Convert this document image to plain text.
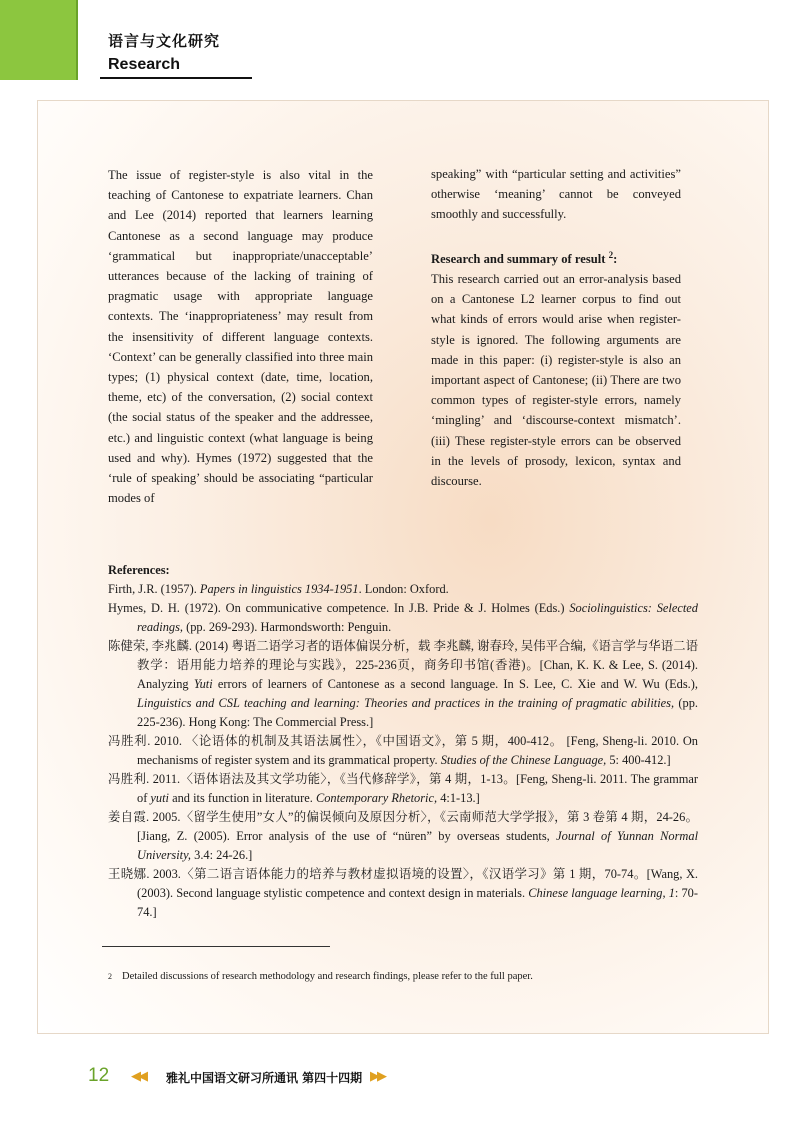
语言与文化研究
Research

The issue of register-style is also vital in the teaching of Cantonese to expatriate learners. Chan and Lee (2014) reported that learners learning Cantonese as a second language may produce ‘grammatical but inappropriate/unacceptable’ utterances because of the lacking of training of pragmatic usage with appropriate language contexts. The ‘inappropriateness’ may result from the insensitivity of different language contexts. ‘Context’ can be generally classified into three main types; (1) physical context (date, time, location, theme, etc) of the conversation, (2) social context (the social status of the speaker and the addressee, etc.) and linguistic context (what language is being used and why). Hymes (1972) suggested that the ‘rule of speaking’ should be associating “particular modes of

speaking” with “particular setting and activities” otherwise ‘meaning’ cannot be conveyed smoothly and successfully.

Research and summary of result $^2$:

This research carried out an error-analysis based on a Cantonese L2 learner corpus to find out what kinds of errors would arise when register-style is ignored. The following arguments are made in this paper: (i) register-style is also an important aspect of Cantonese; (ii) There are two common types of register-style errors, namely ‘mingling’ and ‘discourse-context mismatch’. (iii) These register-style errors can be observed in the levels of prosody, lexicon, syntax and discourse.

References:

Firth, J.R. (1957). Papers in linguistics 1934-1951. London: Oxford.

Hymes, D. H. (1972). On communicative competence. In J.B. Pride & J. Holmes (Eds.) Sociolinguistics: Selected readings, (pp. 269-293). Harmondsworth: Penguin.

陈健荣, 李兆麟. (2014) 粤语二语学习者的语体偏误分析，载 李兆麟, 谢春玲, 吴伟平合编,《语言学与华语二语教学：语用能力培养的理论与实践》，225-236页，商务印书馆(香港)。[Chan, K. K. & Lee, S. (2014). Analyzing Yuti errors of learners of Cantonese as a second language. In S. Lee, C. Xie and W. Wu (Eds.), Linguistics and CSL teaching and learning: Theories and practices in the training of pragmatic abilities, (pp. 225-236). Hong Kong: The Commercial Press.]

冯胜利. 2010. 〈论语体的机制及其语法属性〉，《中国语文》，第 5 期，400-412。 [Feng, Sheng-li. 2010. On mechanisms of register system and its grammatical property. Studies of the Chinese Language, 5: 400-412.]

冯胜利. 2011.〈语体语法及其文学功能〉，《当代修辞学》，第 4 期，1-13。[Feng, Sheng-li. 2011. The grammar of yuti and its function in literature. Contemporary Rhetoric, 4:1-13.]

姜自霞. 2005.〈留学生使用”女人”的偏误倾向及原因分析〉，《云南师范大学学报》，第 3 卷第 4 期，24-26。[Jiang, Z. (2005). Error analysis of the use of “nüren” by overseas students, Journal of Yunnan Normal University, 3.4: 24-26.]

王晓娜. 2003.〈第二语言语体能力的培养与教材虚拟语境的设置〉，《汉语学习》第 1 期，70-74。[Wang, X. (2003). Second language stylistic competence and context design in materials. Chinese language learning, 1: 70-74.]

$^2$ Detailed discussions of research methodology and research findings, please refer to the full paper.
12 ◀◀ 雅礼中国语文研习所通讯 第四十四期 ▶▶
